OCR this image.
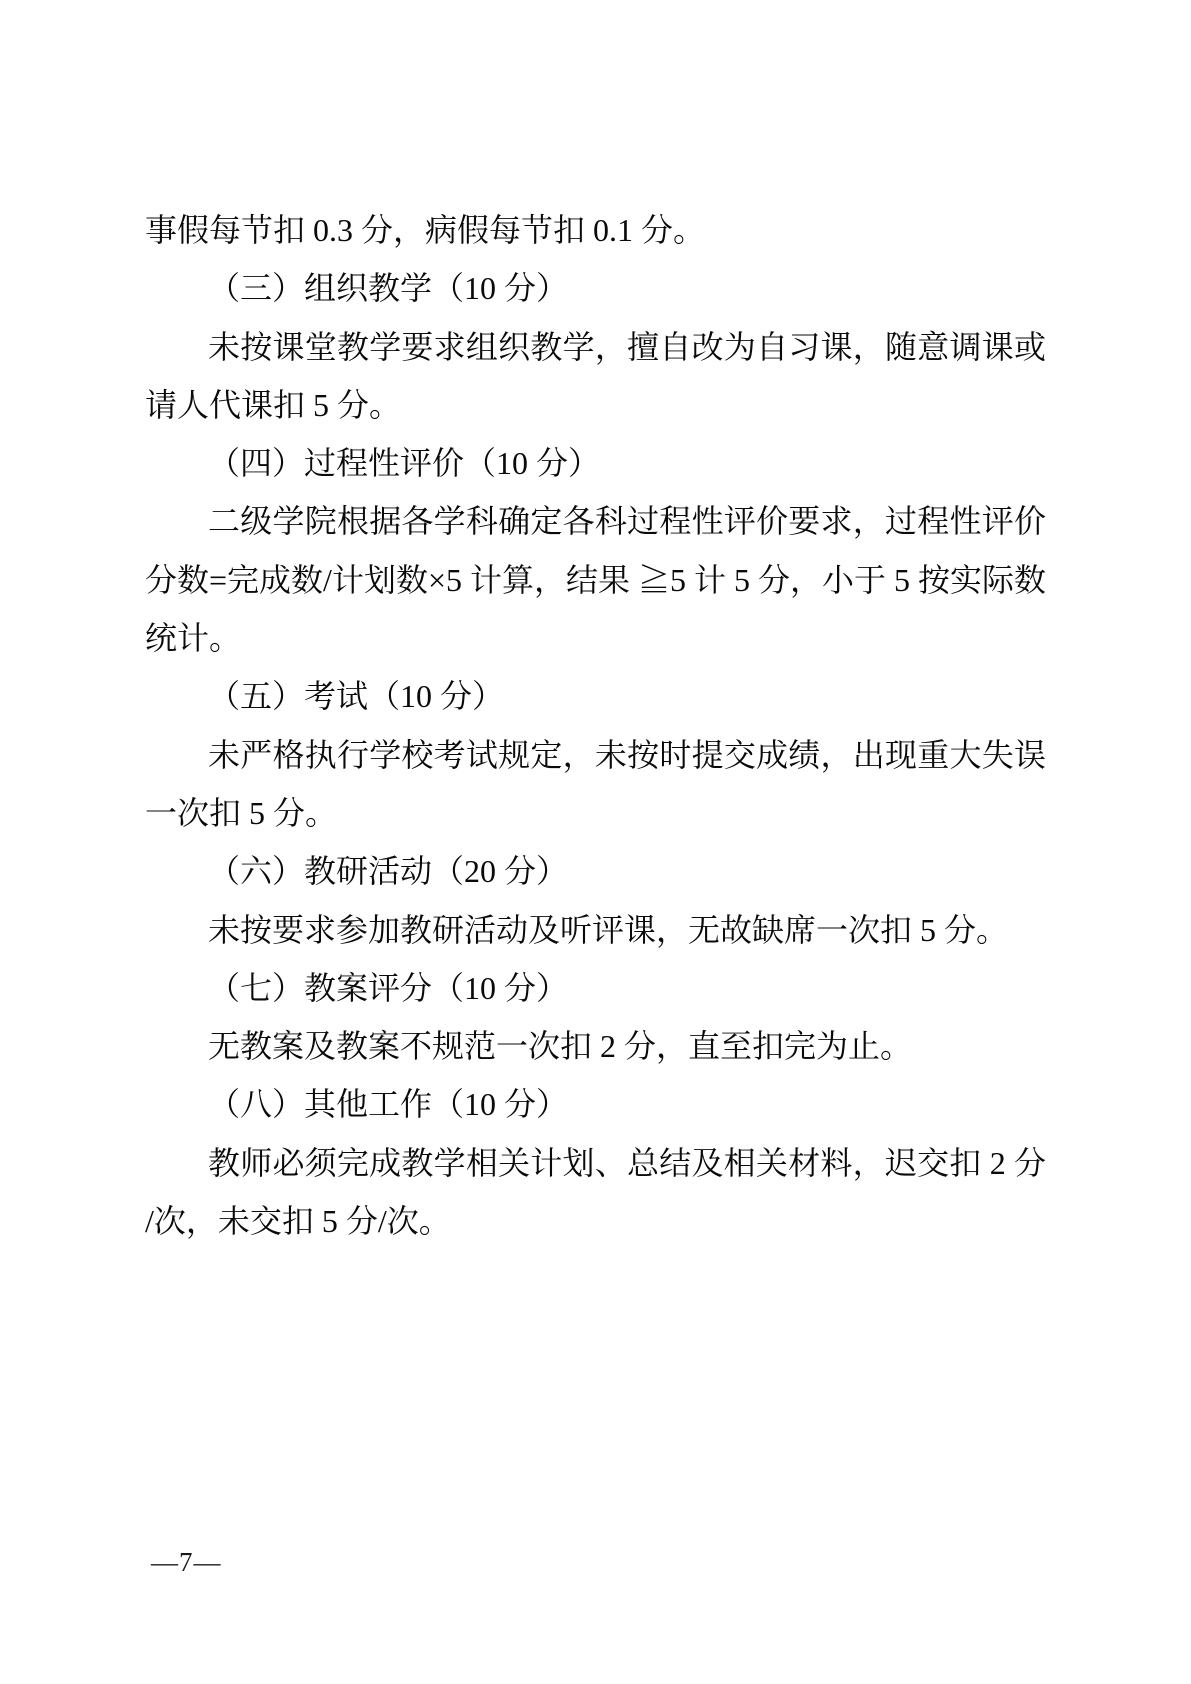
事假每节扣 0.3 分，病假每节扣 0.1 分。
（三）组织教学（10 分）
未按课堂教学要求组织教学，擅自改为自习课，随意调课或
请人代课扣 5 分。
（四）过程性评价（10 分）
二级学院根据各学科确定各科过程性评价要求，过程性评价
分数=完成数/计划数×5 计算，结果 ≧5 计 5 分，小于 5 按实际数
统计。
（五）考试（10 分）
未严格执行学校考试规定，未按时提交成绩，出现重大失误
一次扣 5 分。
（六）教研活动（20 分）
未按要求参加教研活动及听评课，无故缺席一次扣 5 分。
（七）教案评分（10 分）
无教案及教案不规范一次扣 2 分，直至扣完为止。
（八）其他工作（10 分）
教师必须完成教学相关计划、总结及相关材料，迟交扣 2 分
/次，未交扣 5 分/次。
—7—
